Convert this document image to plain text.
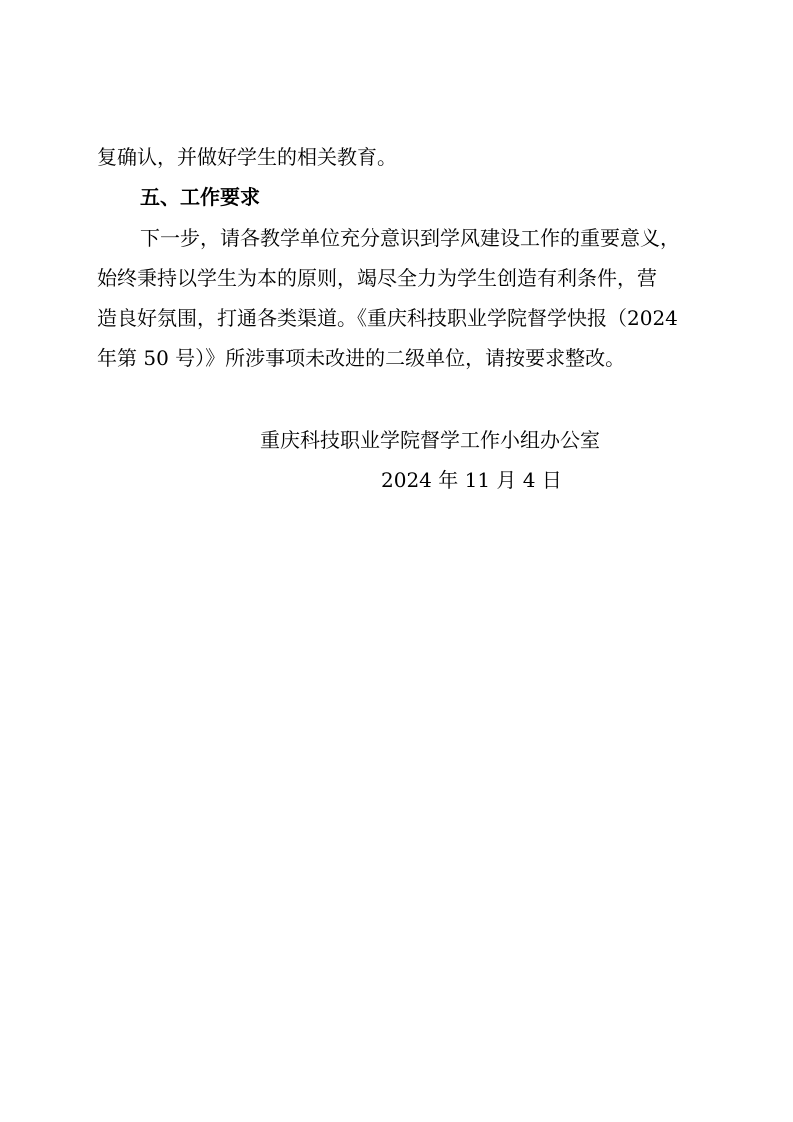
复确认，并做好学生的相关教育。
五、工作要求
下一步，请各教学单位充分意识到学风建设工作的重要意义，
始终秉持以学生为本的原则，竭尽全力为学生创造有利条件，营
造良好氛围，打通各类渠道。《重庆科技职业学院督学快报（2024
年第 50 号）》所涉事项未改进的二级单位，请按要求整改。
重庆科技职业学院督学工作小组办公室
2024 年 11 月 4 日
